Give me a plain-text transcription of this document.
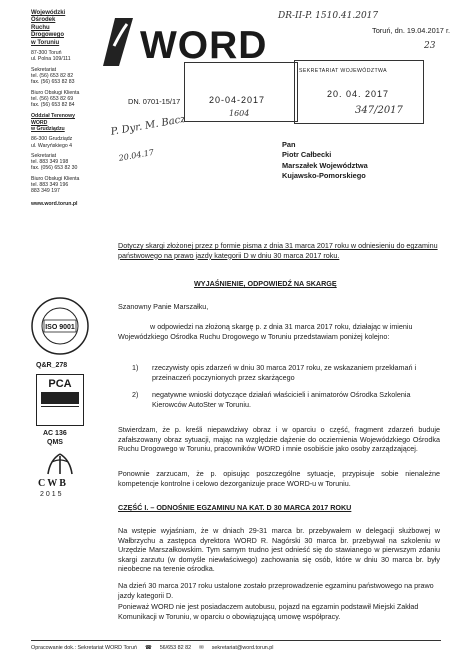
Wojewódzki
Ośrodek
Ruchu
Drogowego
w Toruniu
87-300 Toruń
ul. Polna 109/111
Sekretariat
tel. (56) 653 82 82
fax. (56) 653 82 83
Biuro Obsługi Klienta
tel. (56) 653 82 69
fax. (56) 653 82 84
Oddział Terenowy
WORD
w Grudziądzu
86-300 Grudziądz
ul. Waryńskiego 4
Sekretariat
tel. 883 349 198
fax. (056) 653 82 30
Biuro Obsługi Klienta
tel. 883 349 196
883 349 197
www.word.torun.pl
ISO 9001
Q&R_278
PCA
AC 136
QMS
CWB
2015
WORD
DR-II-P. 1510.41.2017
Toruń, dn. 19.04.2017 r.
23
20-04-2017
1604
SEKRETARIAT WOJEWÓDZTWA
20. 04. 2017
347/2017
DN. 0701-15/17
P. Dyr. M. Bacz
20.04.17
Pan
Piotr Całbecki
Marszałek Województwa
Kujawsko-Pomorskiego
Dotyczy skargi złożonej przez p formie pisma z dnia 31 marca 2017 roku w odniesieniu do egzaminu państwowego na prawo jazdy kategorii D w dniu 30 marca 2017 roku.
WYJAŚNIENIE, ODPOWIEDŹ NA SKARGĘ
Szanowny Panie Marszałku,
w odpowiedzi na złożoną skargę p. z dnia 31 marca 2017 roku, działając w imieniu Wojewódzkiego Ośrodka Ruchu Drogowego w Toruniu przedstawiam poniżej kolejno:
1)	rzeczywisty opis zdarzeń w dniu 30 marca 2017 roku, ze wskazaniem przekłamań i przeinaczeń poczynionych przez skarżącego
2)	negatywne wnioski dotyczące działań właścicieli i animatorów Ośrodka Szkolenia Kierowców AutoSter w Toruniu.
Stwierdzam, że p. kreśli niepawdziwy obraz i w oparciu o część, fragment zdarzeń buduje zafałszowany obraz sytuacji, mając na względzie dążenie do ocziernienia Wojewódzkiego Ośrodka Ruchu Drogowego w Toruniu, pracowników WORD i mnie osobiście jako osoby zarządzającej.
Ponownie zarzucam, że p. opisując poszczególne sytuacje, przypisuje sobie nienależne kompetencje kontrolne i celowo dezorganizuje prace WORD-u w Toruniu.
CZĘŚĆ I. – ODNOŚNIE EGZAMINU NA KAT. D 30 MARCA 2017 ROKU
Na wstępie wyjaśniam, że w dniach 29-31 marca br. przebywałem w delegacji służbowej w Wałbrzychu a zastępca dyrektora WORD R. Nagórski 30 marca br. przebywał na szkoleniu w Urzędzie Marszałkowskim. Tym samym trudno jest odnieść się do stawianego w pierwszym zdaniu skargi zarzutu (w domyśle niewłaściwego) zachowania się osób, które w dniu 30 marca br. były nieobecne na terenie ośrodka.
Na dzień 30 marca 2017 roku ustalone zostało przeprowadzenie egzaminu państwowego na prawo jazdy kategorii D.
Ponieważ WORD nie jest posiadaczem autobusu, pojazd na egzamin podstawił Miejski Zakład Komunikacji w Toruniu, w oparciu o obowiązującą umowę współpracy.
Opracowanie dok.: Sekretariat WORD Toruń ☎ 56/653 82 82 ✉ sekretariat@word.torun.pl
